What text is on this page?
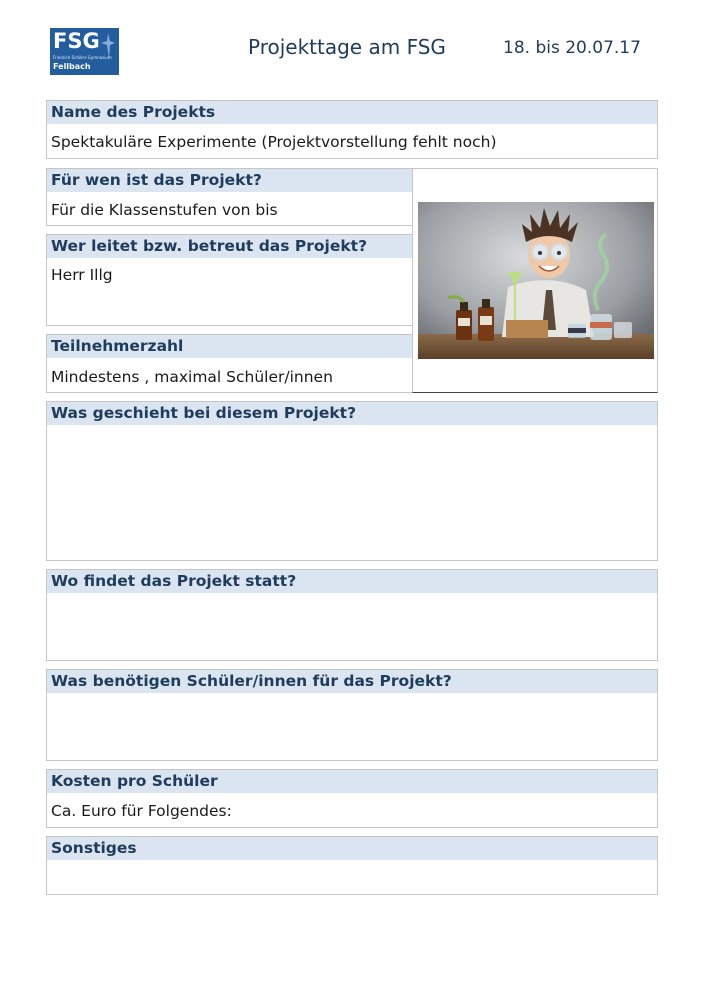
FSG
Friedrich-Schiller-Gymnasium
Fellbach
Projekttage am FSG	18. bis 20.07.17
Name des Projekts
Spektakuläre Experimente (Projektvorstellung fehlt noch)
Für wen ist das Projekt?
Für die Klassenstufen von bis
Wer leitet bzw. betreut das Projekt?
Herr Illg
Teilnehmerzahl
Mindestens , maximal Schüler/innen
Was geschieht bei diesem Projekt?
Wo findet das Projekt statt?
Was benötigen Schüler/innen für das Projekt?
Kosten pro Schüler
Ca. Euro für Folgendes:
Sonstiges
